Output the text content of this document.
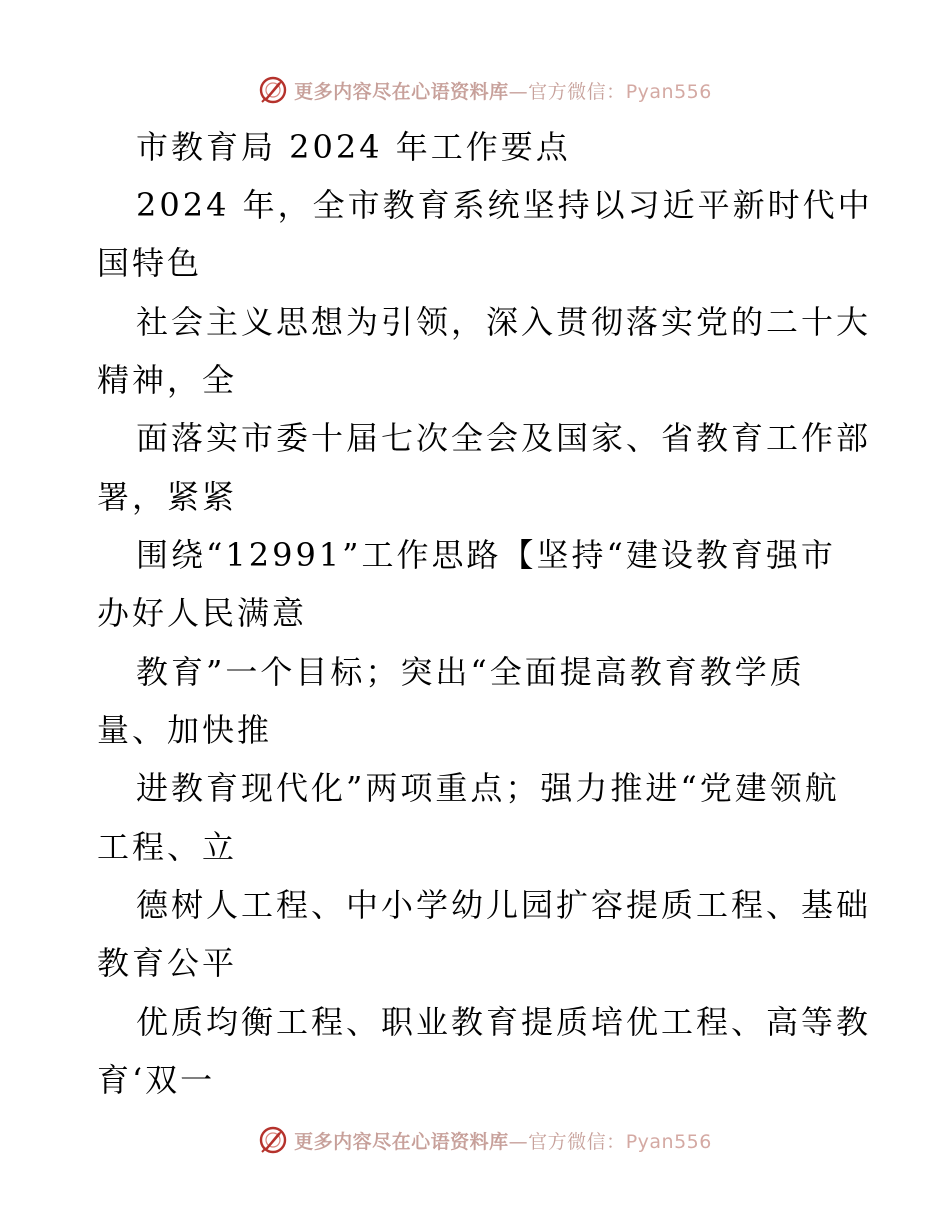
更多内容尽在心语资料库—官方微信：Pyan556
市教育局 2024 年工作要点
2024 年，全市教育系统坚持以习近平新时代中
国特色
社会主义思想为引领，深入贯彻落实党的二十大
精神，全
面落实市委十届七次全会及国家、省教育工作部
署，紧紧
围绕“12991”工作思路【坚持“建设教育强市
办好人民满意
教育”一个目标；突出“全面提高教育教学质
量、加快推
进教育现代化”两项重点；强力推进“党建领航
工程、立
德树人工程、中小学幼儿园扩容提质工程、基础
教育公平
优质均衡工程、职业教育提质培优工程、高等教
育‘双一
更多内容尽在心语资料库—官方微信：Pyan556
